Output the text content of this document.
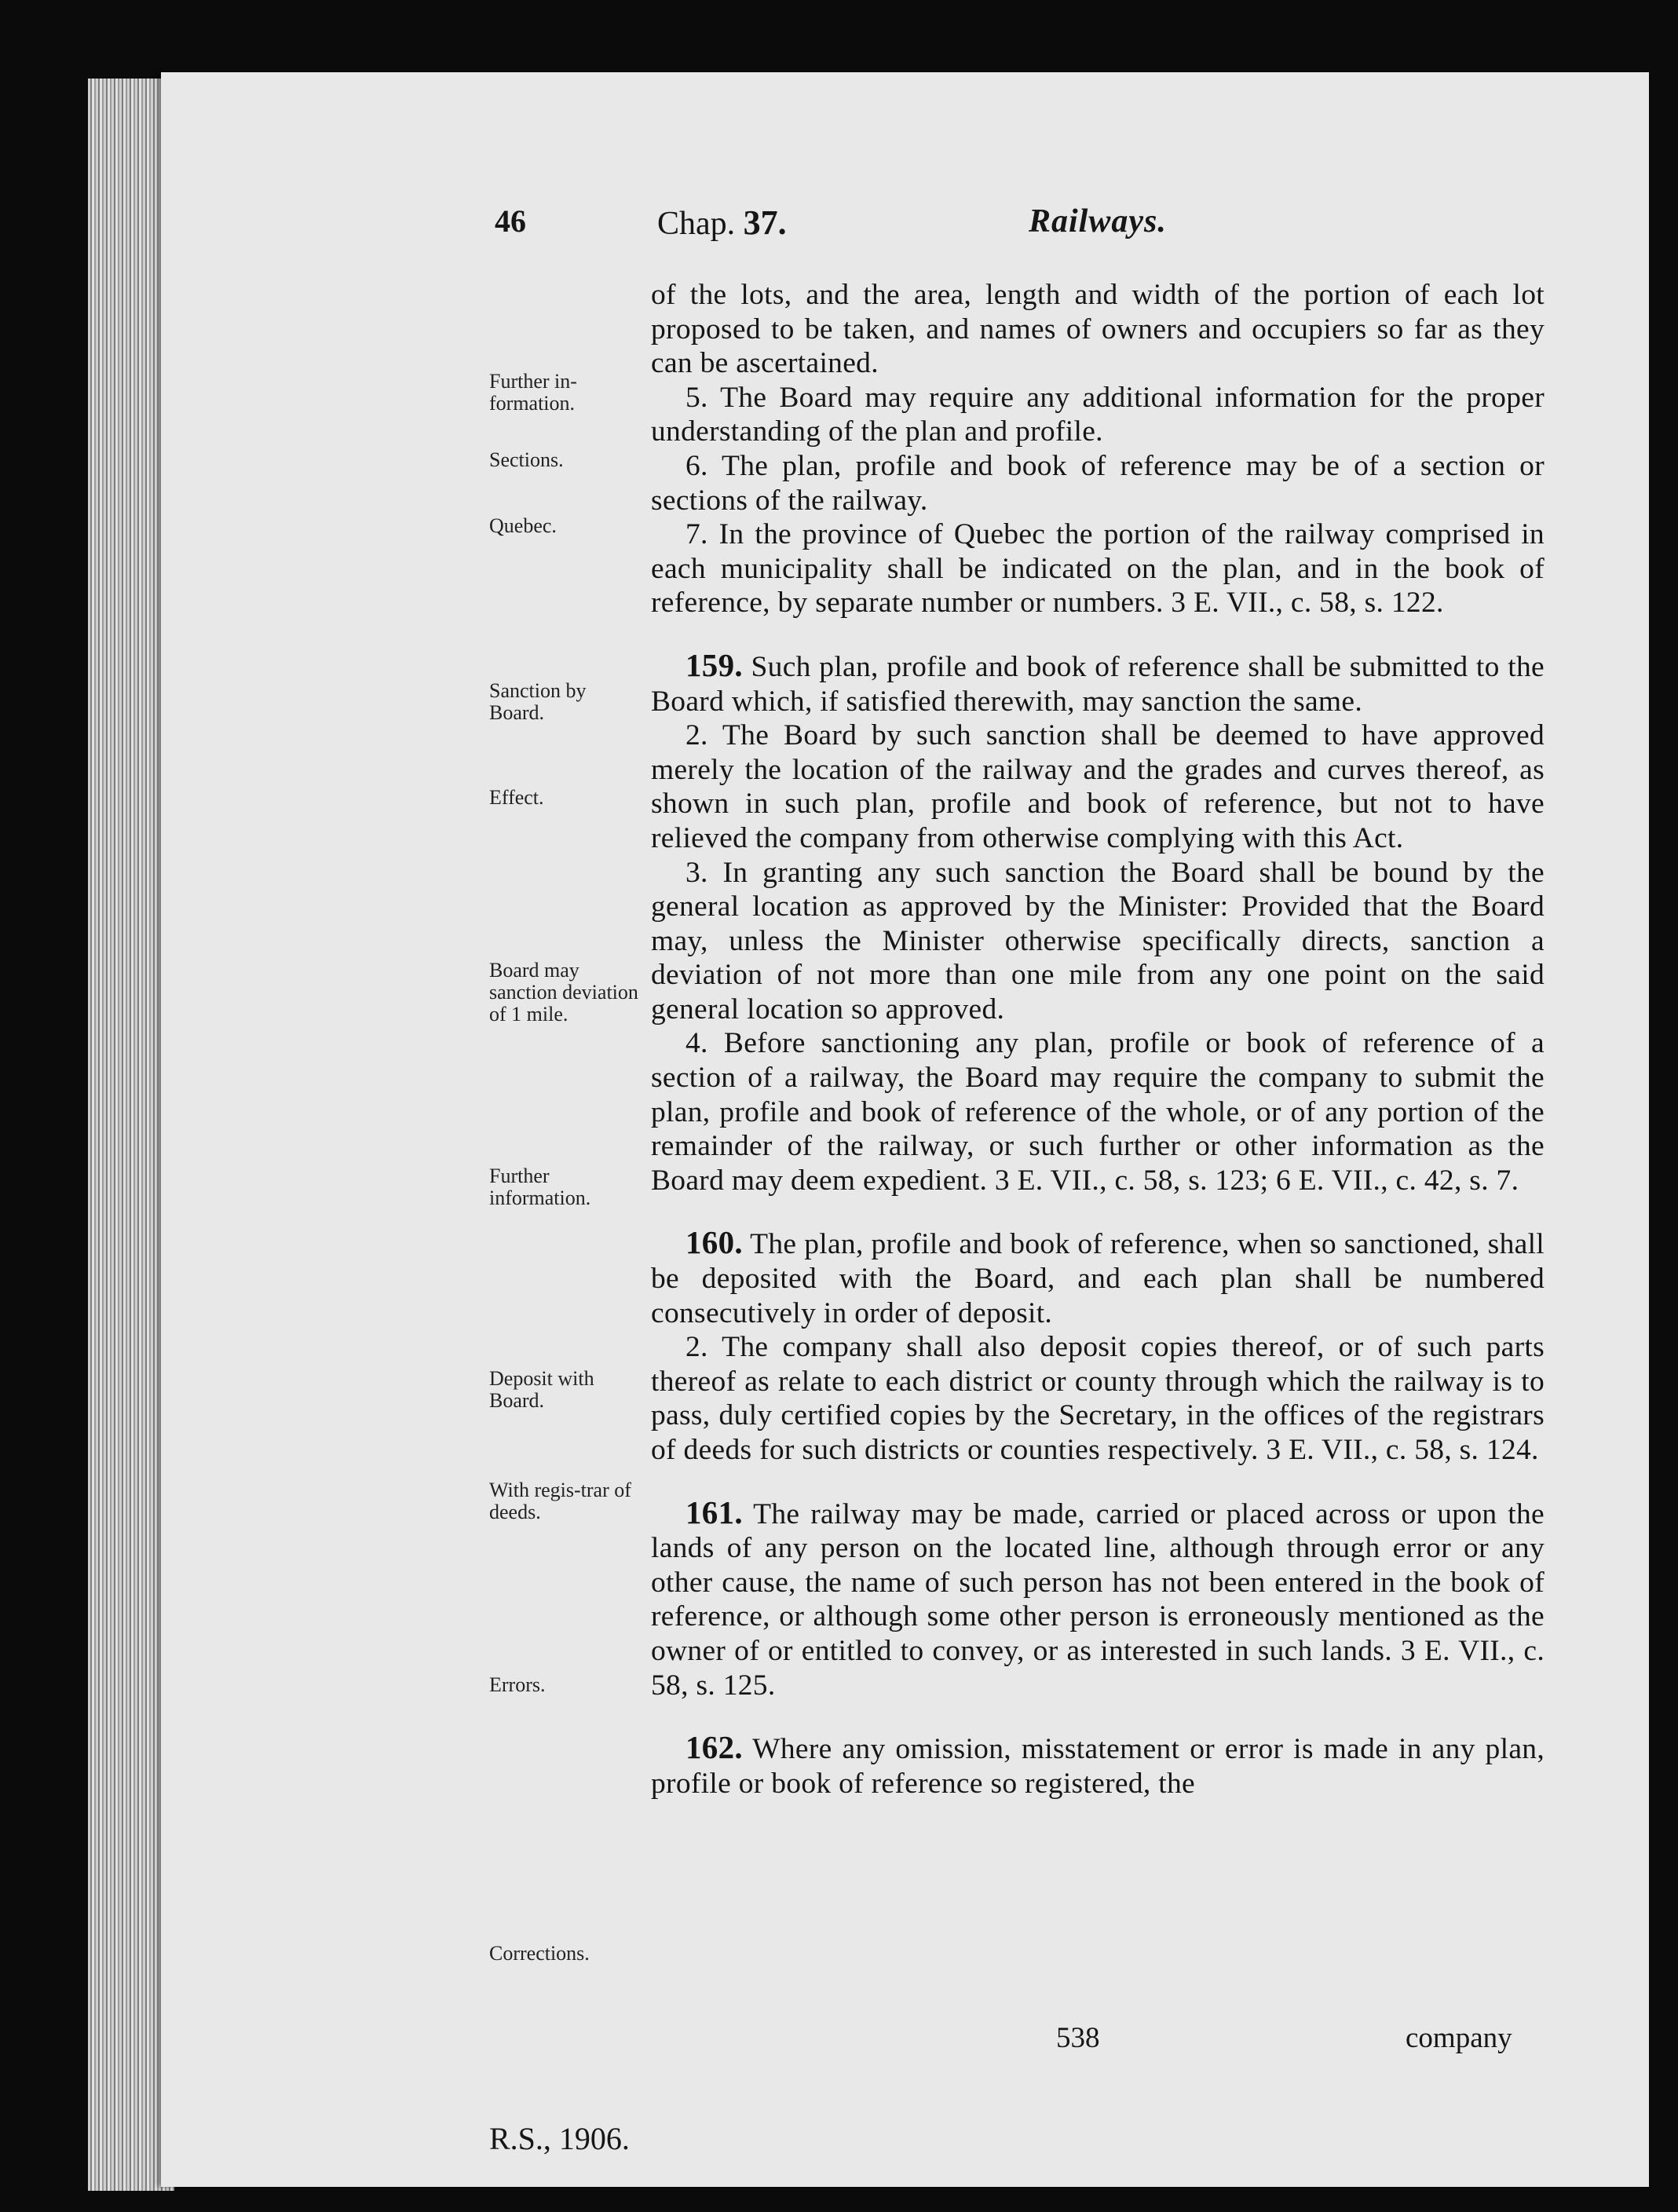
46	Chap. 37.	Railways.
Further in-formation.
Sections.
Quebec.
Sanction by Board.
Effect.
Board may sanction deviation of 1 mile.
Further information.
Deposit with Board.
With regis-trar of deeds.
Errors.
Corrections.

of the lots, and the area, length and width of the portion of each lot proposed to be taken, and names of owners and occupiers so far as they can be ascertained.

5. The Board may require any additional information for the proper understanding of the plan and profile.

6. The plan, profile and book of reference may be of a section or sections of the railway.

7. In the province of Quebec the portion of the railway comprised in each municipality shall be indicated on the plan, and in the book of reference, by separate number or numbers. 3 E. VII., c. 58, s. 122.

159. Such plan, profile and book of reference shall be submitted to the Board which, if satisfied therewith, may sanction the same.

2. The Board by such sanction shall be deemed to have approved merely the location of the railway and the grades and curves thereof, as shown in such plan, profile and book of reference, but not to have relieved the company from otherwise complying with this Act.

3. In granting any such sanction the Board shall be bound by the general location as approved by the Minister: Provided that the Board may, unless the Minister otherwise specifically directs, sanction a deviation of not more than one mile from any one point on the said general location so approved.

4. Before sanctioning any plan, profile or book of reference of a section of a railway, the Board may require the company to submit the plan, profile and book of reference of the whole, or of any portion of the remainder of the railway, or such further or other information as the Board may deem expedient. 3 E. VII., c. 58, s. 123; 6 E. VII., c. 42, s. 7.

160. The plan, profile and book of reference, when so sanctioned, shall be deposited with the Board, and each plan shall be numbered consecutively in order of deposit.

2. The company shall also deposit copies thereof, or of such parts thereof as relate to each district or county through which the railway is to pass, duly certified copies by the Secretary, in the offices of the registrars of deeds for such districts or counties respectively. 3 E. VII., c. 58, s. 124.

161. The railway may be made, carried or placed across or upon the lands of any person on the located line, although through error or any other cause, the name of such person has not been entered in the book of reference, or although some other person is erroneously mentioned as the owner of or entitled to convey, or as interested in such lands. 3 E. VII., c. 58, s. 125.

162. Where any omission, misstatement or error is made in any plan, profile or book of reference so registered, the

538	company
R.S., 1906.
